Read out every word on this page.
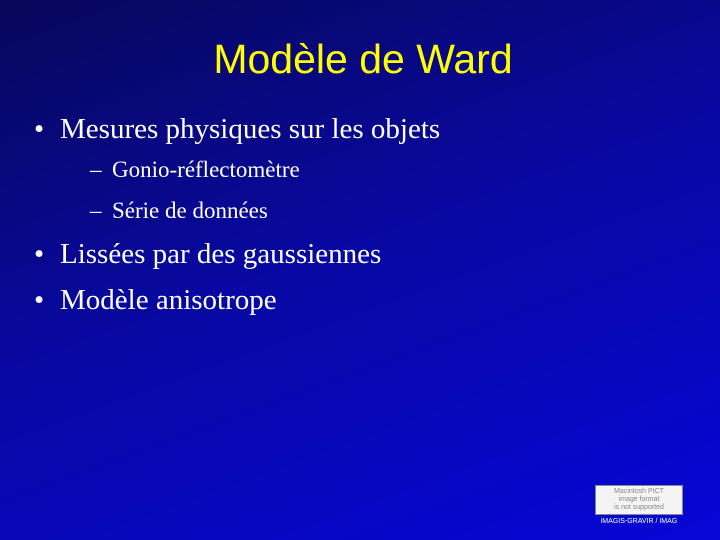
Modèle de Ward
• Mesures physiques sur les objets
– Gonio-réflectomètre
– Série de données
• Lissées par des gaussiennes
• Modèle anisotrope
Macintosh PICT
image format
is not supported
iMAGIS-GRAVIR / IMAG
